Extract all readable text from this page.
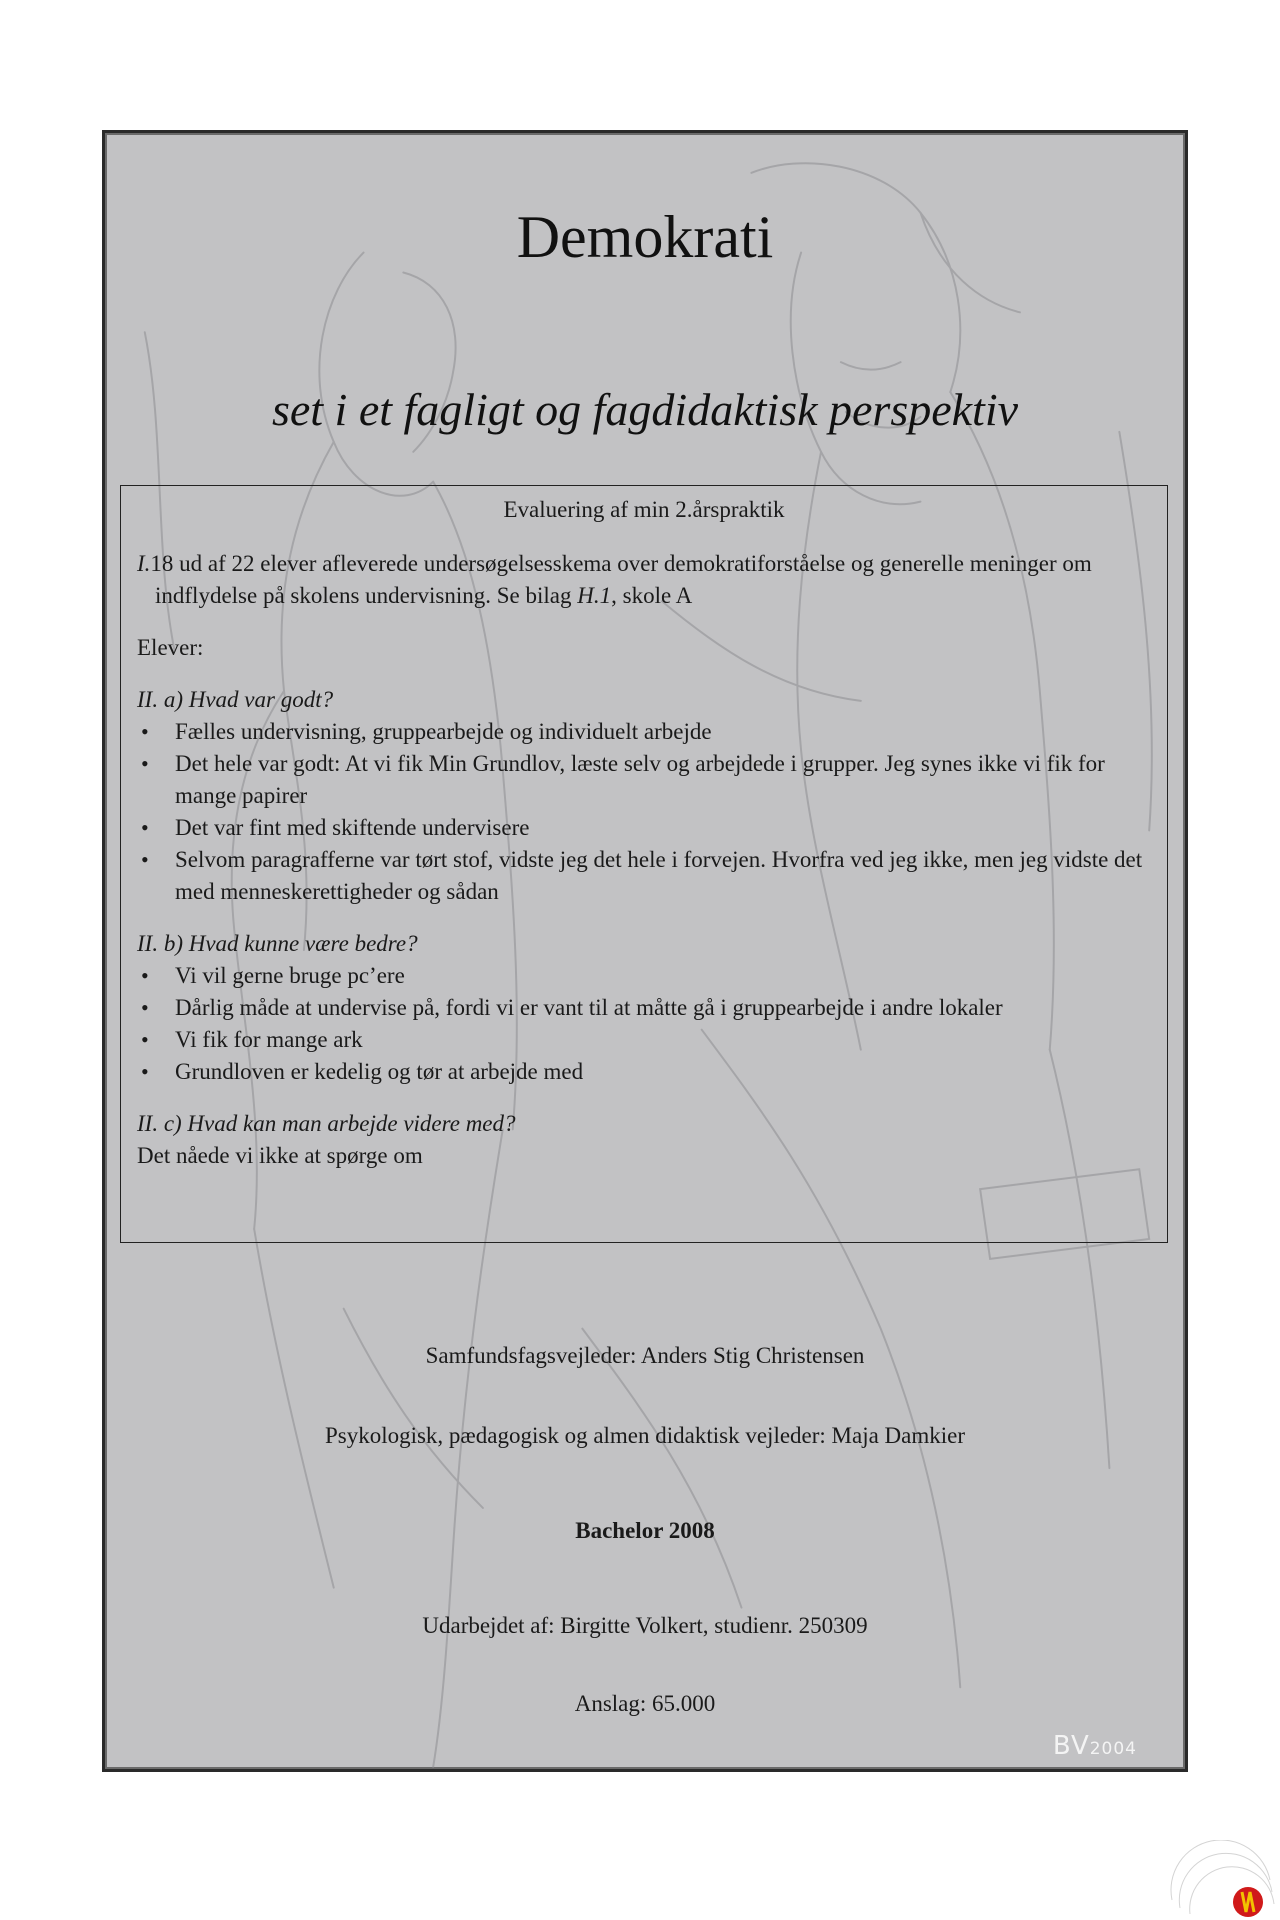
Demokrati
set i et fagligt og fagdidaktisk perspektiv
Evaluering af min 2.årspraktik

I.18 ud af 22 elever afleverede undersøgelsesskema over demokratiforståelse og generelle meninger om indflydelse på skolens undervisning. Se bilag H.1, skole A

Elever:
II. a) Hvad var godt?
• Fælles undervisning, gruppearbejde og individuelt arbejde
• Det hele var godt: At vi fik Min Grundlov, læste selv og arbejdede i grupper. Jeg synes ikke vi fik for mange papirer
• Det var fint med skiftende undervisere
• Selvom paragrafferne var tørt stof, vidste jeg det hele i forvejen. Hvorfra ved jeg ikke, men jeg vidste det med menneskerettigheder og sådan
II. b) Hvad kunne være bedre?
• Vi vil gerne bruge pc’ere
• Dårlig måde at undervise på, fordi vi er vant til at måtte gå i gruppearbejde i andre lokaler
• Vi fik for mange ark
• Grundloven er kedelig og tør at arbejde med
II. c) Hvad kan man arbejde videre med?
Det nåede vi ikke at spørge om
Samfundsfagsvejleder: Anders Stig Christensen
Psykologisk, pædagogisk og almen didaktisk vejleder: Maja Damkier
Bachelor 2008
Udarbejdet af: Birgitte Volkert, studienr. 250309
Anslag: 65.000
BV2004
